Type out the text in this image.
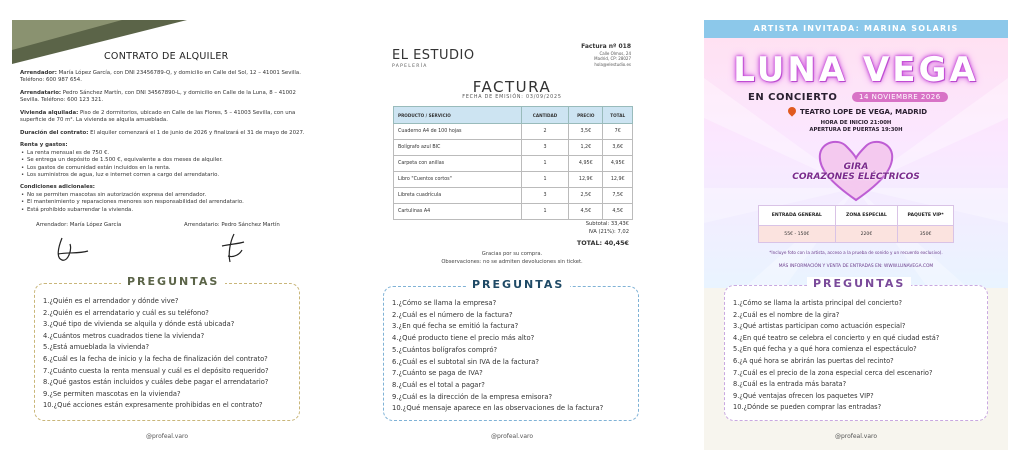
CONTRATO DE ALQUILER
Arrendador: María López García, con DNI 23456789-Q, y domicilio en Calle del Sol, 12 – 41001 Sevilla. Teléfono: 600 987 654.
Arrendatario: Pedro Sánchez Martín, con DNI 34567890-L, y domicilio en Calle de la Luna, 8 – 41002 Sevilla. Teléfono: 600 123 321.
Vivienda alquilada: Piso de 2 dormitorios, ubicado en Calle de las Flores, 5 – 41003 Sevilla, con una superficie de 70 m². La vivienda se alquila amueblada.
Duración del contrato: El alquiler comenzará el 1 de junio de 2026 y finalizará el 31 de mayo de 2027.
Renta y gastos:
• La renta mensual es de 750 €.
• Se entrega un depósito de 1.500 €, equivalente a dos meses de alquiler.
• Los gastos de comunidad están incluidos en la renta.
• Los suministros de agua, luz e internet corren a cargo del arrendatario.
Condiciones adicionales:
• No se permiten mascotas sin autorización expresa del arrendador.
• El mantenimiento y reparaciones menores son responsabilidad del arrendatario.
• Está prohibido subarrendar la vivienda.
Arrendador: María López García	Arrendatario: Pedro Sánchez Martín
PREGUNTAS
1.¿Quién es el arrendador y dónde vive?
2.¿Quién es el arrendatario y cuál es su teléfono?
3.¿Qué tipo de vivienda se alquila y dónde está ubicada?
4.¿Cuántos metros cuadrados tiene la vivienda?
5.¿Está amueblada la vivienda?
6.¿Cuál es la fecha de inicio y la fecha de finalización del contrato?
7.¿Cuánto cuesta la renta mensual y cuál es el depósito requerido?
8.¿Qué gastos están incluidos y cuáles debe pagar el arrendatario?
9.¿Se permiten mascotas en la vivienda?
10.¿Qué acciones están expresamente prohibidas en el contrato?
@profeal.varo
EL ESTUDIO
PAPELERÍA
Factura nº 018
Calle Olmos, 24
Madrid, CP: 28027
hola@elestudio.es
FACTURA
FECHA DE EMISIÓN: 03/09/2025
PRODUCTO / SERVICIO	CANTIDAD	PRECIO	TOTAL
Cuaderno A4 de 100 hojas	2	3,5€	7€
Bolígrafo azul BIC	3	1,2€	3,6€
Carpeta con anillas	1	4,95€	4,95€
Libro "Cuentos cortos"	1	12,9€	12,9€
Libreta cuadrícula	3	2,5€	7,5€
Cartulinas A4	1	4,5€	4,5€
Subtotal: 33,43€
IVA (21%): 7,02
TOTAL: 40,45€
Gracias por su compra.
Observaciones: no se admiten devoluciones sin ticket.
PREGUNTAS
1.¿Cómo se llama la empresa?
2.¿Cuál es el número de la factura?
3.¿En qué fecha se emitió la factura?
4.¿Qué producto tiene el precio más alto?
5.¿Cuántos bolígrafos compró?
6.¿Cuál es el subtotal sin IVA de la factura?
7.¿Cuánto se paga de IVA?
8.¿Cuál es el total a pagar?
9.¿Cuál es la dirección de la empresa emisora?
10.¿Qué mensaje aparece en las observaciones de la factura?
@profeal.varo
ARTISTA INVITADA: MARINA SOLARIS
LUNA VEGA
EN CONCIERTO	14 NOVIEMBRE 2026
TEATRO LOPE DE VEGA, MADRID
HORA DE INICIO 21:00H
APERTURA DE PUERTAS 19:30H
GIRA
CORAZONES ELÉCTRICOS
ENTRADA GENERAL	ZONA ESPECIAL	PAQUETE VIP*
55€ - 150€	220€	350€
*Incluye foto con la artista, acceso a la prueba de sonido y un recuerdo exclusivo).
MÁS INFORMACIÓN Y VENTA DE ENTRADAS EN: WWW.LUNAVEGA.COM
PREGUNTAS
1.¿Cómo se llama la artista principal del concierto?
2.¿Cuál es el nombre de la gira?
3.¿Qué artistas participan como actuación especial?
4.¿En qué teatro se celebra el concierto y en qué ciudad está?
5.¿En qué fecha y a qué hora comienza el espectáculo?
6.¿A qué hora se abrirán las puertas del recinto?
7.¿Cuál es el precio de la zona especial cerca del escenario?
8.¿Cuál es la entrada más barata?
9.¿Qué ventajas ofrecen los paquetes VIP?
10.¿Dónde se pueden comprar las entradas?
@profeal.varo
